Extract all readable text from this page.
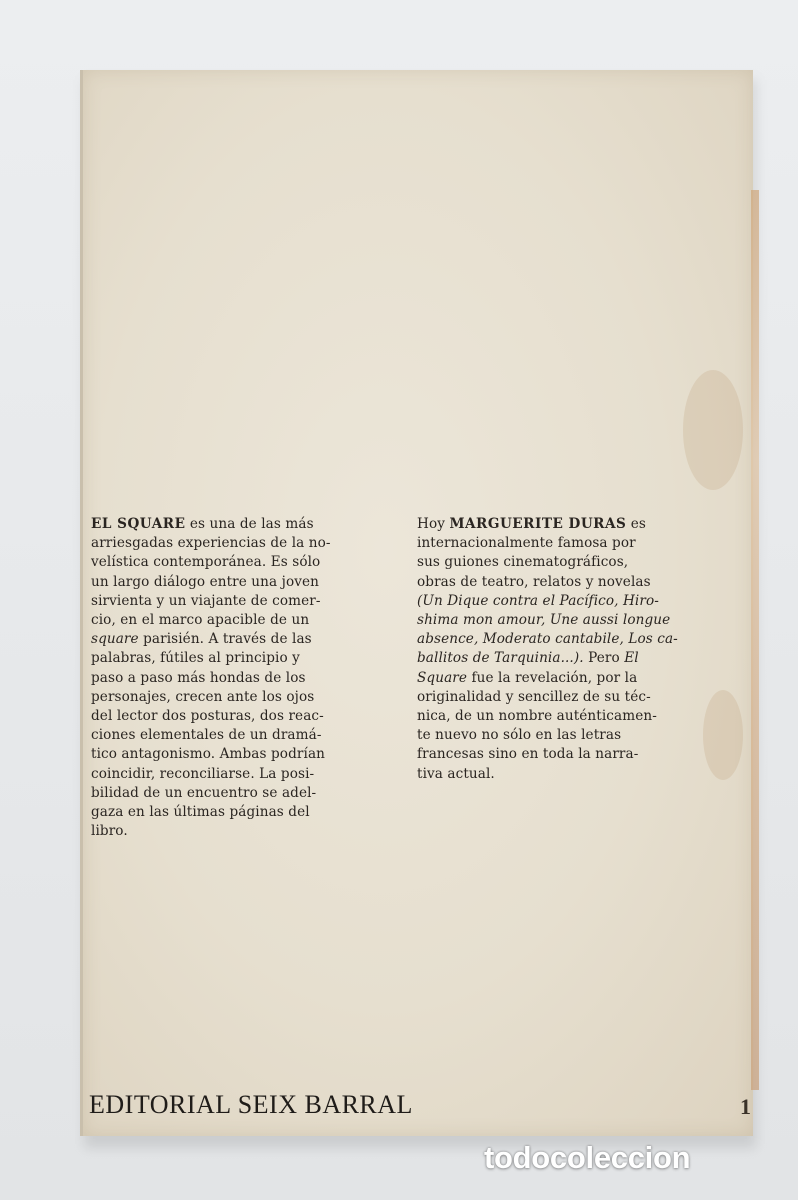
EL SQUARE es una de las más
arriesgadas experiencias de la no-
velística contemporánea. Es sólo
un largo diálogo entre una joven
sirvienta y un viajante de comer-
cio, en el marco apacible de un
square parisién. A través de las
palabras, fútiles al principio y
paso a paso más hondas de los
personajes, crecen ante los ojos
del lector dos posturas, dos reac-
ciones elementales de un dramá-
tico antagonismo. Ambas podrían
coincidir, reconciliarse. La posi-
bilidad de un encuentro se adel-
gaza en las últimas páginas del
libro.
Hoy MARGUERITE DURAS es
internacionalmente famosa por
sus guiones cinematográficos,
obras de teatro, relatos y novelas
(Un Dique contra el Pacífico, Hiro-
shima mon amour, Une aussi longue
absence, Moderato cantabile, Los ca-
ballitos de Tarquinia...). Pero El
Square fue la revelación, por la
originalidad y sencillez de su téc-
nica, de un nombre auténticamen-
te nuevo no sólo en las letras
francesas sino en toda la narra-
tiva actual.
EDITORIAL SEIX BARRAL	1
todocoleccion
